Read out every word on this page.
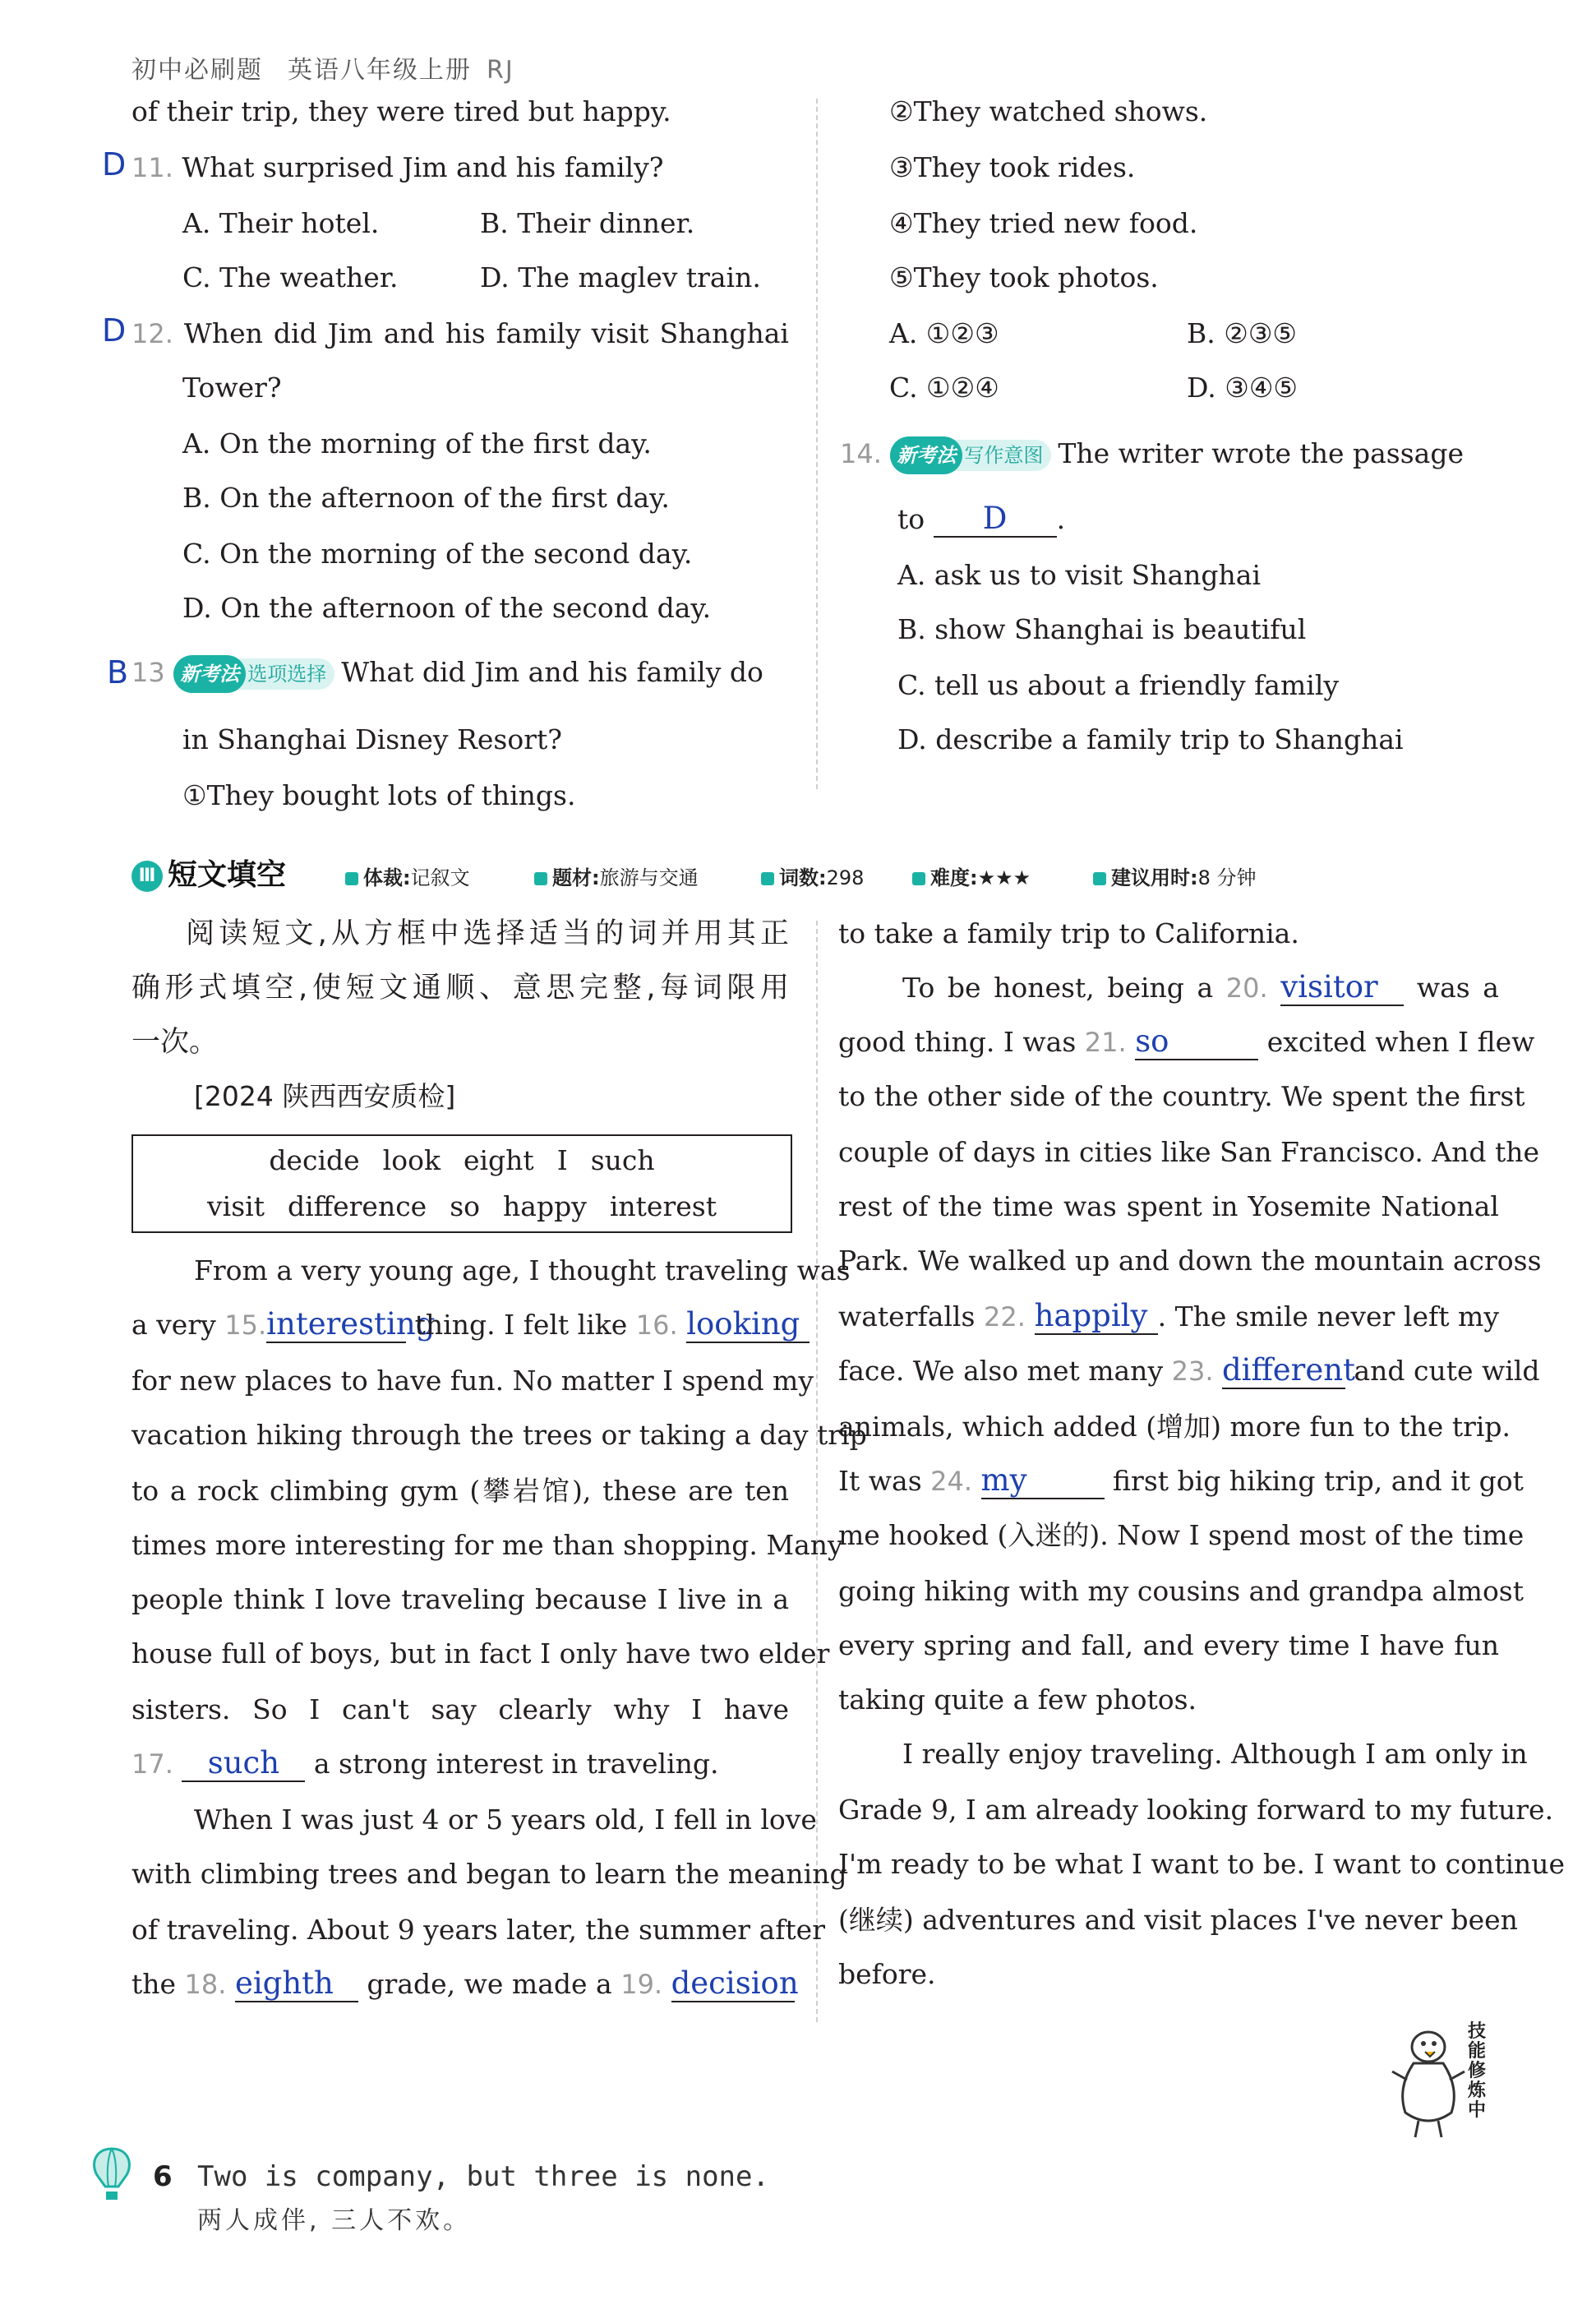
初中必刷题 英语八年级上册 RJ
of their trip, they were tired but happy.
D 11. What surprised Jim and his family?
A. Their hotel.	B. Their dinner.
C. The weather.	D. The maglev train.
D 12. When did Jim and his family visit Shanghai
Tower?
A. On the morning of the first day.
B. On the afternoon of the first day.
C. On the morning of the second day.
D. On the afternoon of the second day.
B 13 新考法 选项选择 What did Jim and his family do
in Shanghai Disney Resort?
①They bought lots of things.
②They watched shows.
③They took rides.
④They tried new food.
⑤They took photos.
A. ①②③	B. ②③⑤
C. ①②④	D. ③④⑤
14. 新考法 写作意图 The writer wrote the passage
to D .
A. ask us to visit Shanghai
B. show Shanghai is beautiful
C. tell us about a friendly family
D. describe a family trip to Shanghai
Ⅲ 短文填空	体裁:记叙文	题材:旅游与交通	词数:298	难度:★★★	建议用时:8 分钟
阅读短文,从方框中选择适当的词并用其正
确形式填空,使短文通顺、意思完整,每词限用
一次。
[2024 陕西西安质检]
decide look eight I such
visit difference so happy interest
From a very young age, I thought traveling was
a very 15.interesting thing. I felt like 16. looking
for new places to have fun. No matter I spend my
vacation hiking through the trees or taking a day trip
to a rock climbing gym (攀岩馆), these are ten
times more interesting for me than shopping. Many
people think I love traveling because I live in a
house full of boys, but in fact I only have two elder
sisters. So I can't say clearly why I have
17. such a strong interest in traveling.
When I was just 4 or 5 years old, I fell in love
with climbing trees and began to learn the meaning
of traveling. About 9 years later, the summer after
the 18. eighth grade, we made a 19. decision
to take a family trip to California.
To be honest, being a 20. visitor was a
good thing. I was 21. so	excited when I flew
to the other side of the country. We spent the first
couple of days in cities like San Francisco. And the
rest of the time was spent in Yosemite National
Park. We walked up and down the mountain across
waterfalls 22. happily . The smile never left my
face. We also met many 23. different and cute wild
animals, which added (增加) more fun to the trip.
It was 24. my	first big hiking trip, and it got
me hooked (入迷的). Now I spend most of the time
going hiking with my cousins and grandpa almost
every spring and fall, and every time I have fun
taking quite a few photos.
I really enjoy traveling. Although I am only in
Grade 9, I am already looking forward to my future.
I'm ready to be what I want to be. I want to continue
(继续) adventures and visit places I've never been
before.
技能修炼中
6 Two is company, but three is none.
两人成伴, 三人不欢。
